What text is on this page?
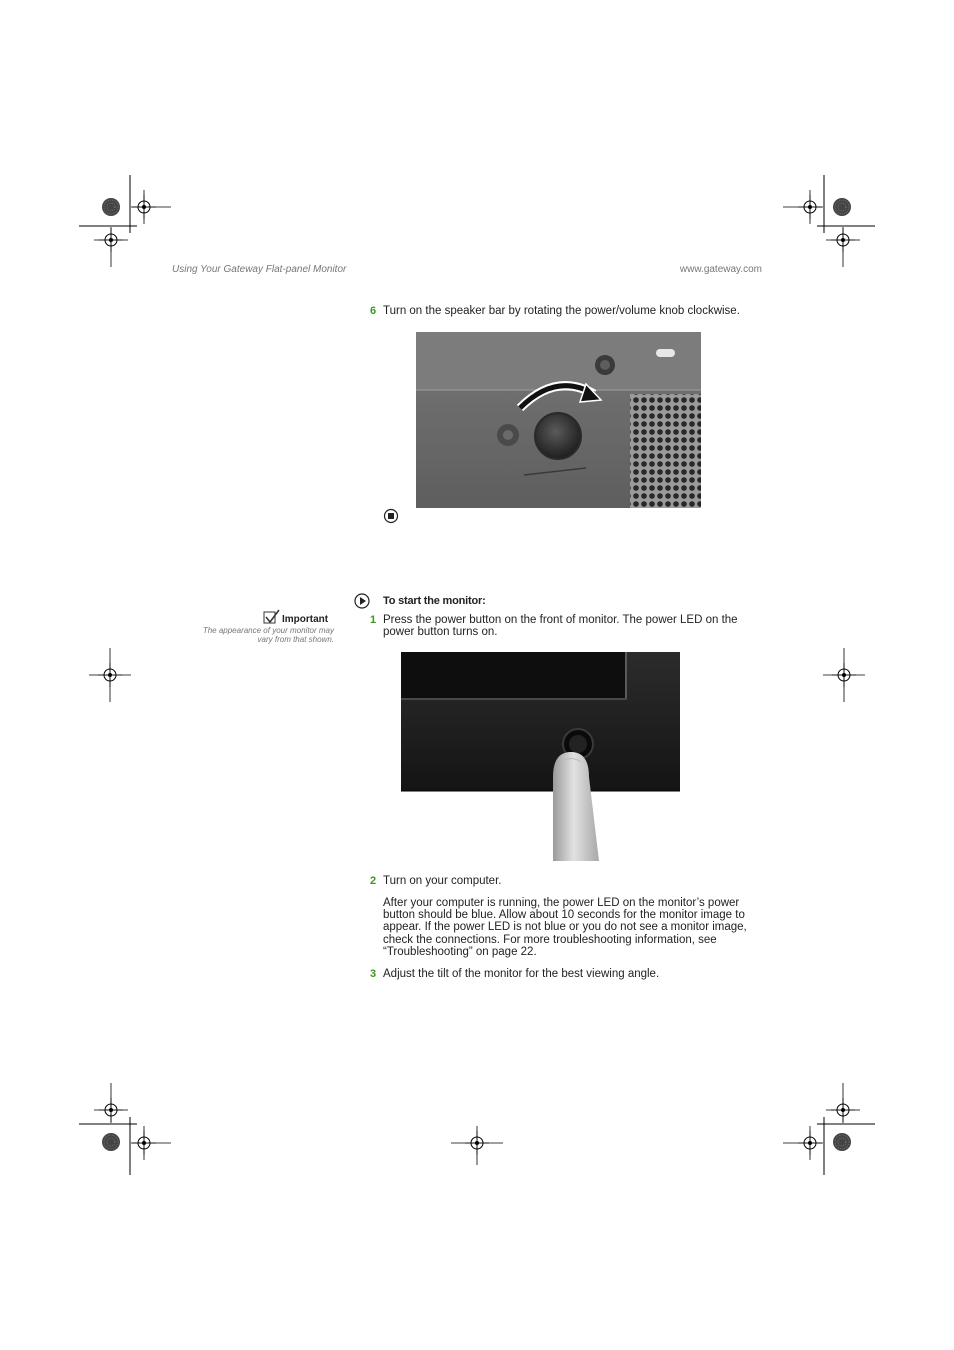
Using Your Gateway Flat-panel Monitor	www.gateway.com
6 Turn on the speaker bar by rotating the power/volume knob clockwise.
Important
The appearance of your monitor may
vary from that shown.
To start the monitor:
1 Press the power button on the front of monitor. The power LED on the
power button turns on.
2 Turn on your computer.
After your computer is running, the power LED on the monitor’s power
button should be blue. Allow about 10 seconds for the monitor image to
appear. If the power LED is not blue or you do not see a monitor image,
check the connections. For more troubleshooting information, see
“Troubleshooting” on page 22.
3 Adjust the tilt of the monitor for the best viewing angle.
